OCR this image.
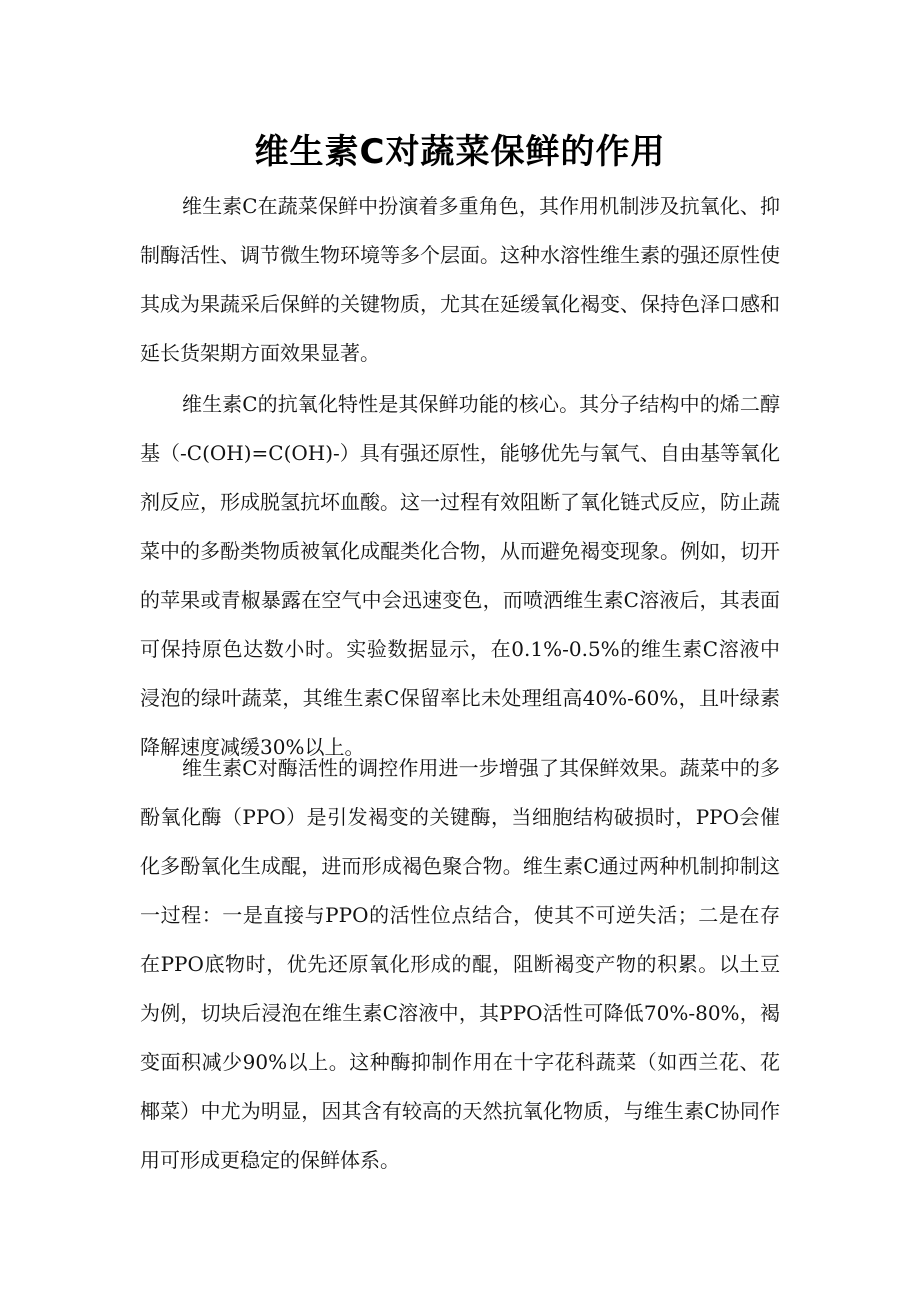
维生素C对蔬菜保鲜的作用

维生素C在蔬菜保鲜中扮演着多重角色，其作用机制涉及抗氧化、抑制酶活性、调节微生物环境等多个层面。这种水溶性维生素的强还原性使其成为果蔬采后保鲜的关键物质，尤其在延缓氧化褐变、保持色泽口感和延长货架期方面效果显著。

维生素C的抗氧化特性是其保鲜功能的核心。其分子结构中的烯二醇基（-C(OH)=C(OH)-）具有强还原性，能够优先与氧气、自由基等氧化剂反应，形成脱氢抗坏血酸。这一过程有效阻断了氧化链式反应，防止蔬菜中的多酚类物质被氧化成醌类化合物，从而避免褐变现象。例如，切开的苹果或青椒暴露在空气中会迅速变色，而喷洒维生素C溶液后，其表面可保持原色达数小时。实验数据显示，在0.1%-0.5%的维生素C溶液中浸泡的绿叶蔬菜，其维生素C保留率比未处理组高40%-60%，且叶绿素降解速度减缓30%以上。

维生素C对酶活性的调控作用进一步增强了其保鲜效果。蔬菜中的多酚氧化酶（PPO）是引发褐变的关键酶，当细胞结构破损时，PPO会催化多酚氧化生成醌，进而形成褐色聚合物。维生素C通过两种机制抑制这一过程：一是直接与PPO的活性位点结合，使其不可逆失活；二是在存在PPO底物时，优先还原氧化形成的醌，阻断褐变产物的积累。以土豆为例，切块后浸泡在维生素C溶液中，其PPO活性可降低70%-80%，褐变面积减少90%以上。这种酶抑制作用在十字花科蔬菜（如西兰花、花椰菜）中尤为明显，因其含有较高的天然抗氧化物质，与维生素C协同作用可形成更稳定的保鲜体系。
